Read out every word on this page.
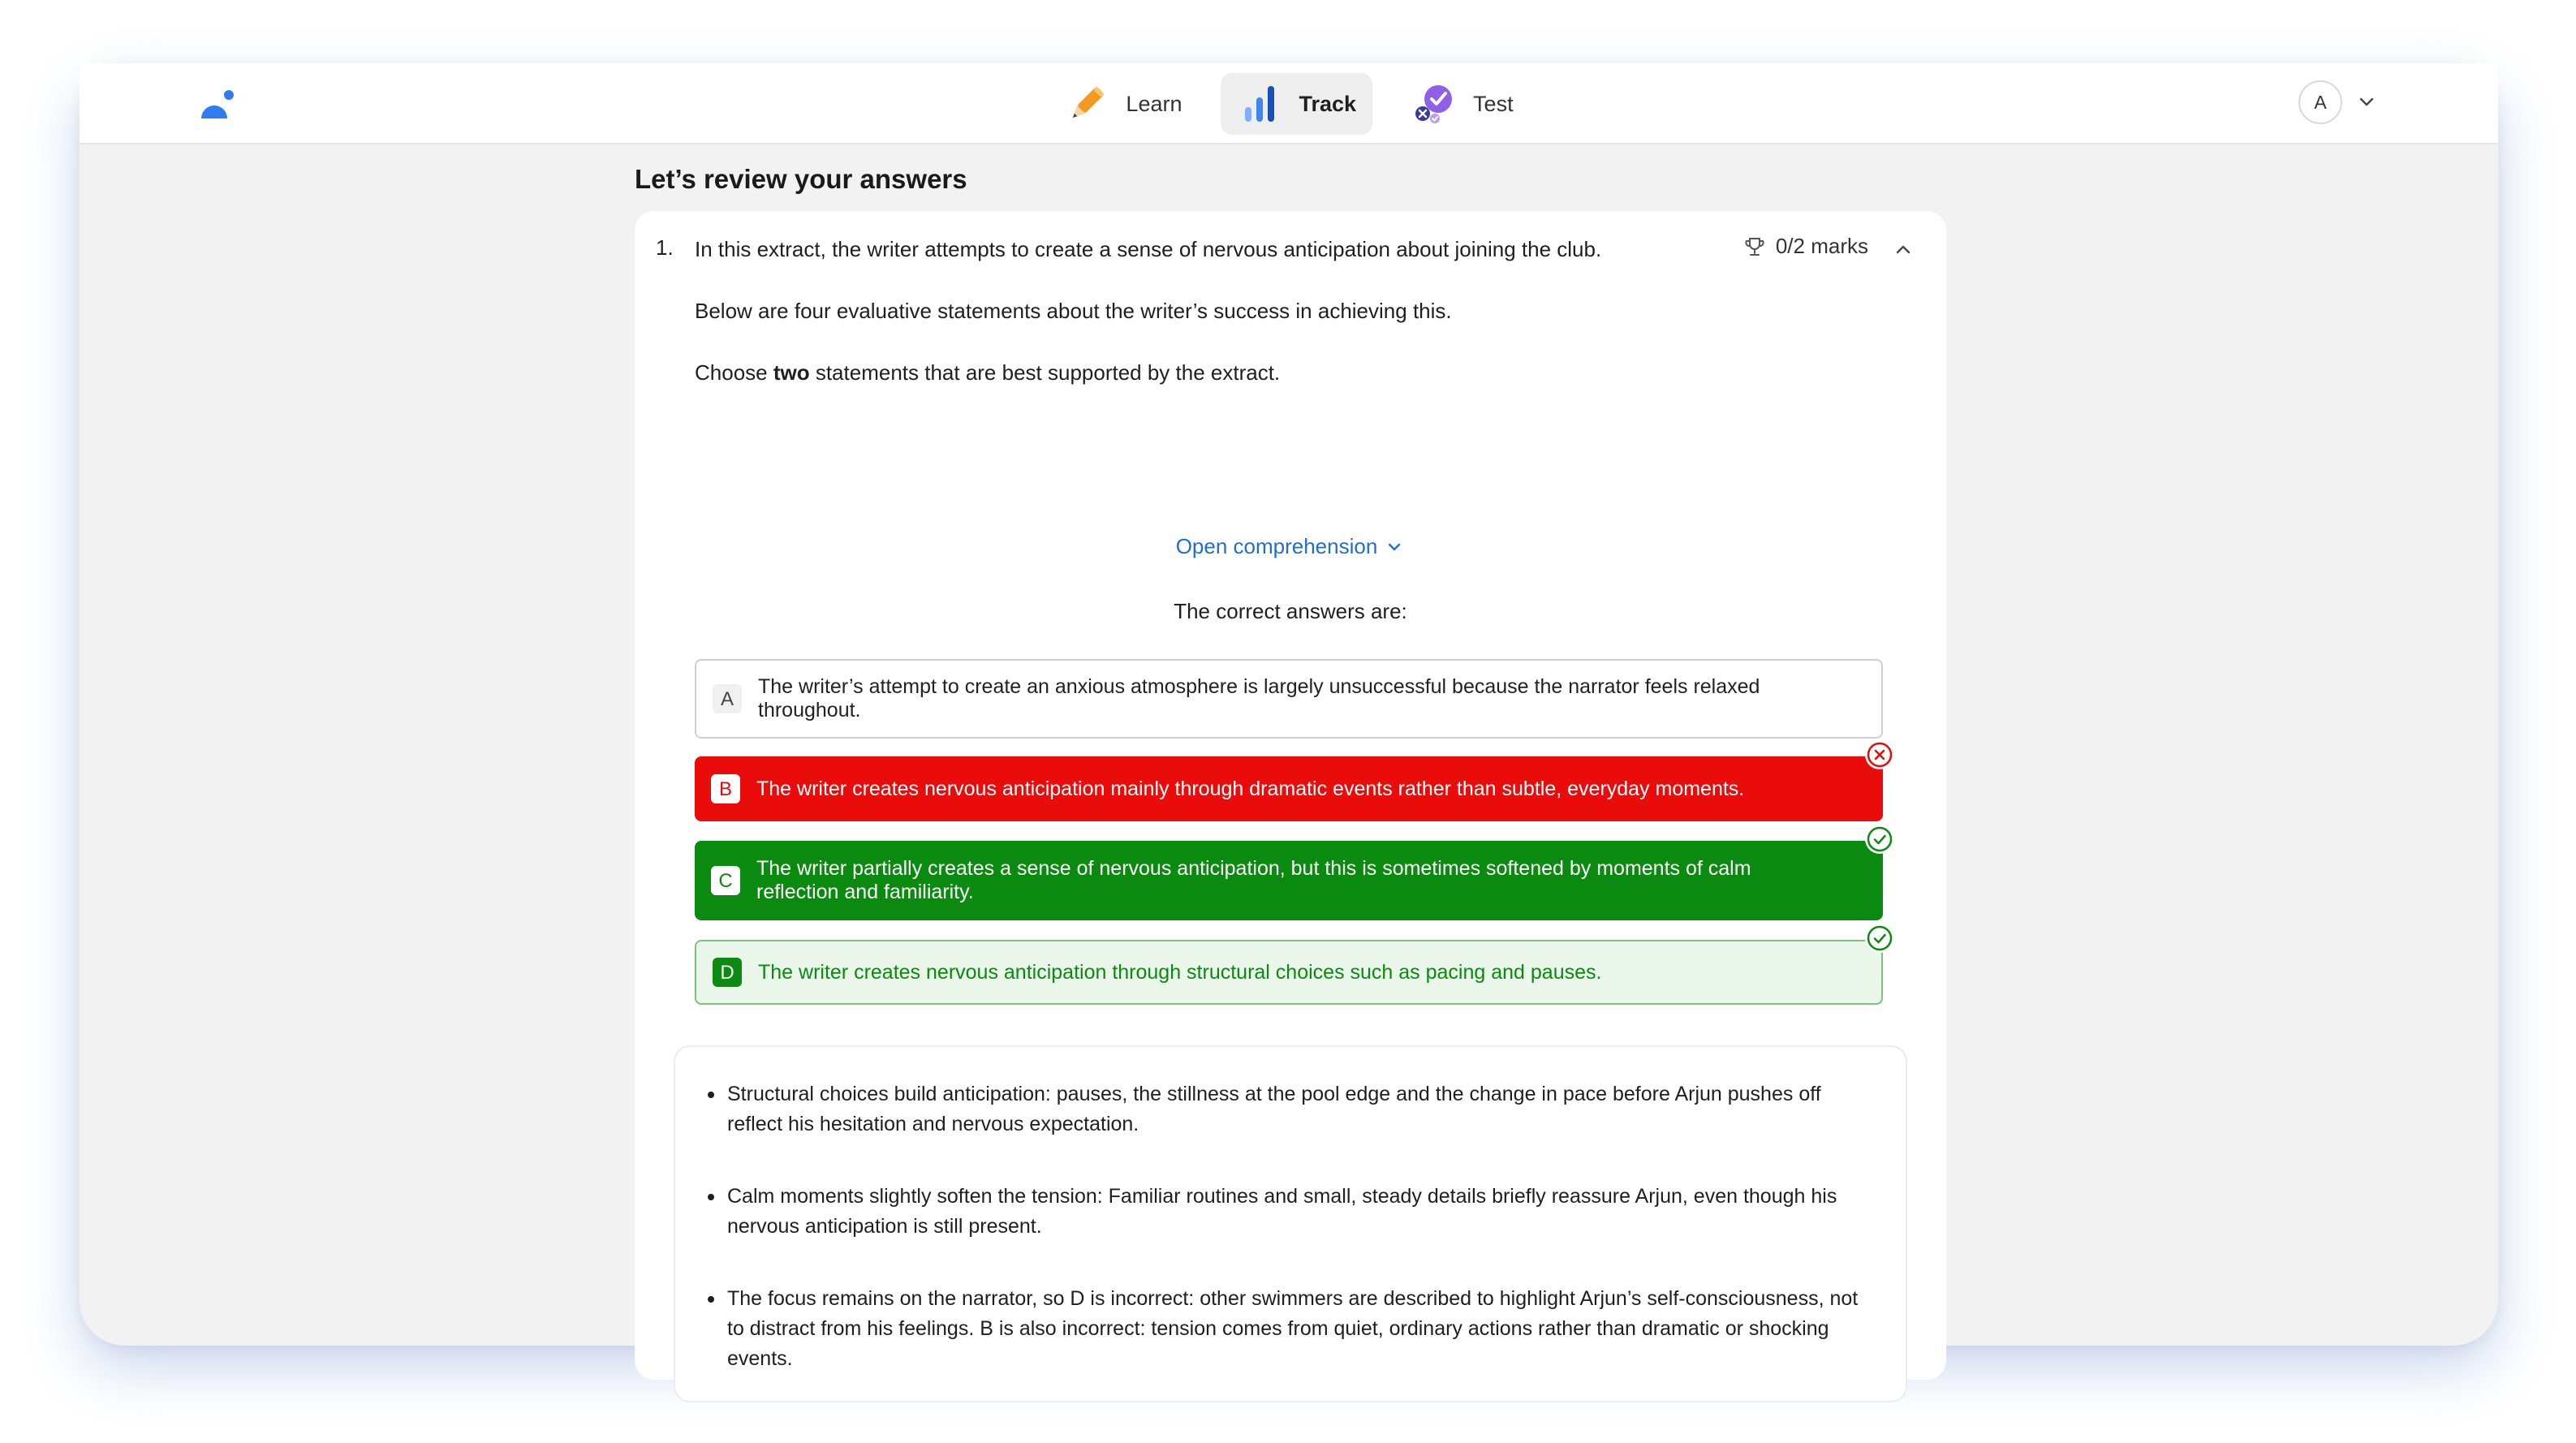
Learn	Track	Test	A
Let’s review your answers
1. In this extract, the writer attempts to create a sense of nervous anticipation about joining the club.
Below are four evaluative statements about the writer’s success in achieving this.
Choose two statements that are best supported by the extract.
0/2 marks
Open comprehension
The correct answers are:
A
The writer’s attempt to create an anxious atmosphere is largely unsuccessful because the narrator feels relaxed throughout.
B	The writer creates nervous anticipation mainly through dramatic events rather than subtle, everyday moments.
C
The writer partially creates a sense of nervous anticipation, but this is sometimes softened by moments of calm reflection and familiarity.
D	The writer creates nervous anticipation through structural choices such as pacing and pauses.
Structural choices build anticipation: pauses, the stillness at the pool edge and the change in pace before Arjun pushes off reflect his hesitation and nervous expectation.
Calm moments slightly soften the tension: Familiar routines and small, steady details briefly reassure Arjun, even though his nervous anticipation is still present.
The focus remains on the narrator, so D is incorrect: other swimmers are described to highlight Arjun’s self-consciousness, not to distract from his feelings. B is also incorrect: tension comes from quiet, ordinary actions rather than dramatic or shocking events.
